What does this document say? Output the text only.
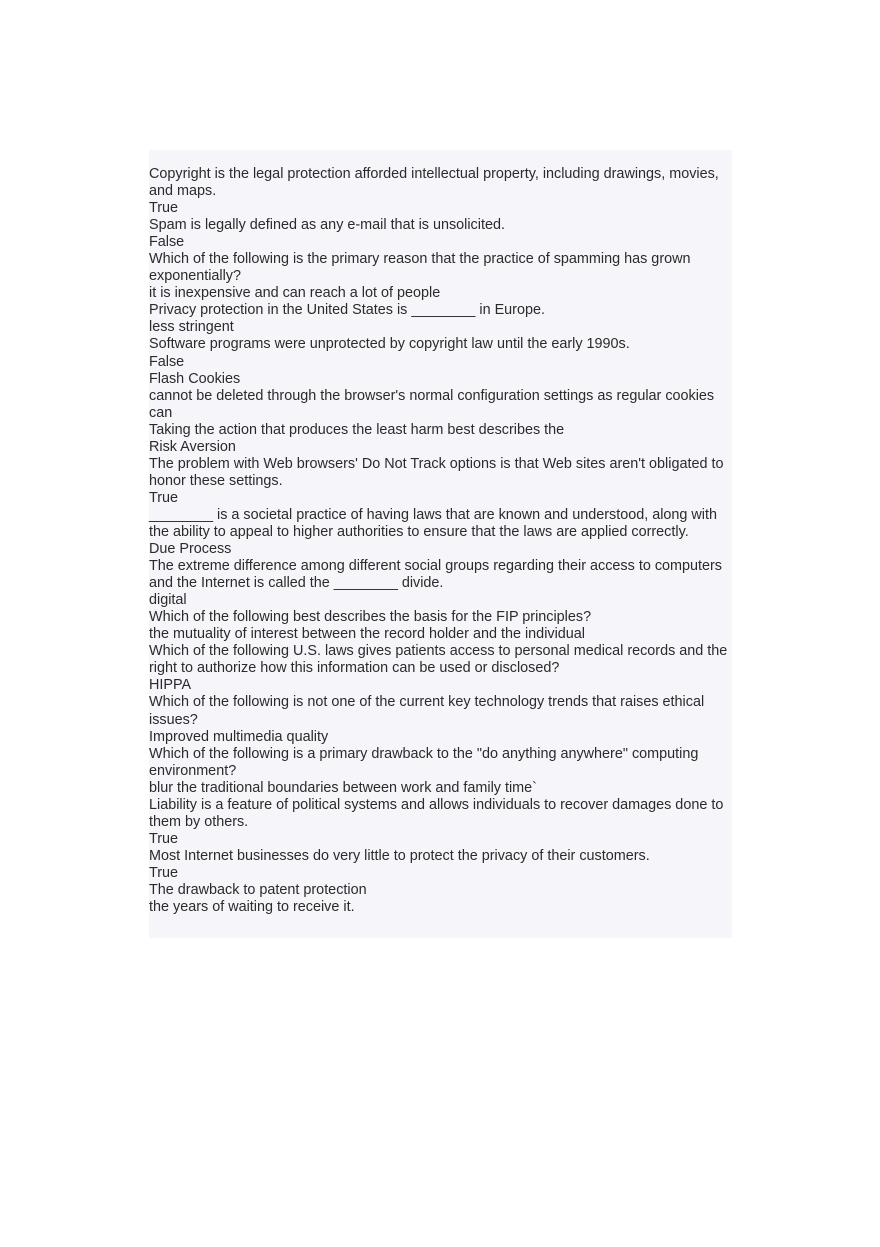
Copyright is the legal protection afforded intellectual property, including drawings, movies, and maps.
True
Spam is legally defined as any e-mail that is unsolicited.
False
Which of the following is the primary reason that the practice of spamming has grown exponentially?
it is inexpensive and can reach a lot of people
Privacy protection in the United States is ________ in Europe.
less stringent
Software programs were unprotected by copyright law until the early 1990s.
False
Flash Cookies
cannot be deleted through the browser's normal configuration settings as regular cookies can
Taking the action that produces the least harm best describes the
Risk Aversion
The problem with Web browsers' Do Not Track options is that Web sites aren't obligated to honor these settings.
True
________ is a societal practice of having laws that are known and understood, along with the ability to appeal to higher authorities to ensure that the laws are applied correctly.
Due Process
The extreme difference among different social groups regarding their access to computers and the Internet is called the ________ divide.
digital
Which of the following best describes the basis for the FIP principles?
the mutuality of interest between the record holder and the individual
Which of the following U.S. laws gives patients access to personal medical records and the right to authorize how this information can be used or disclosed?
HIPPA
Which of the following is not one of the current key technology trends that raises ethical issues?
Improved multimedia quality
Which of the following is a primary drawback to the "do anything anywhere" computing environment?
blur the traditional boundaries between work and family time`
Liability is a feature of political systems and allows individuals to recover damages done to them by others.
True
Most Internet businesses do very little to protect the privacy of their customers.
True
The drawback to patent protection
the years of waiting to receive it.
